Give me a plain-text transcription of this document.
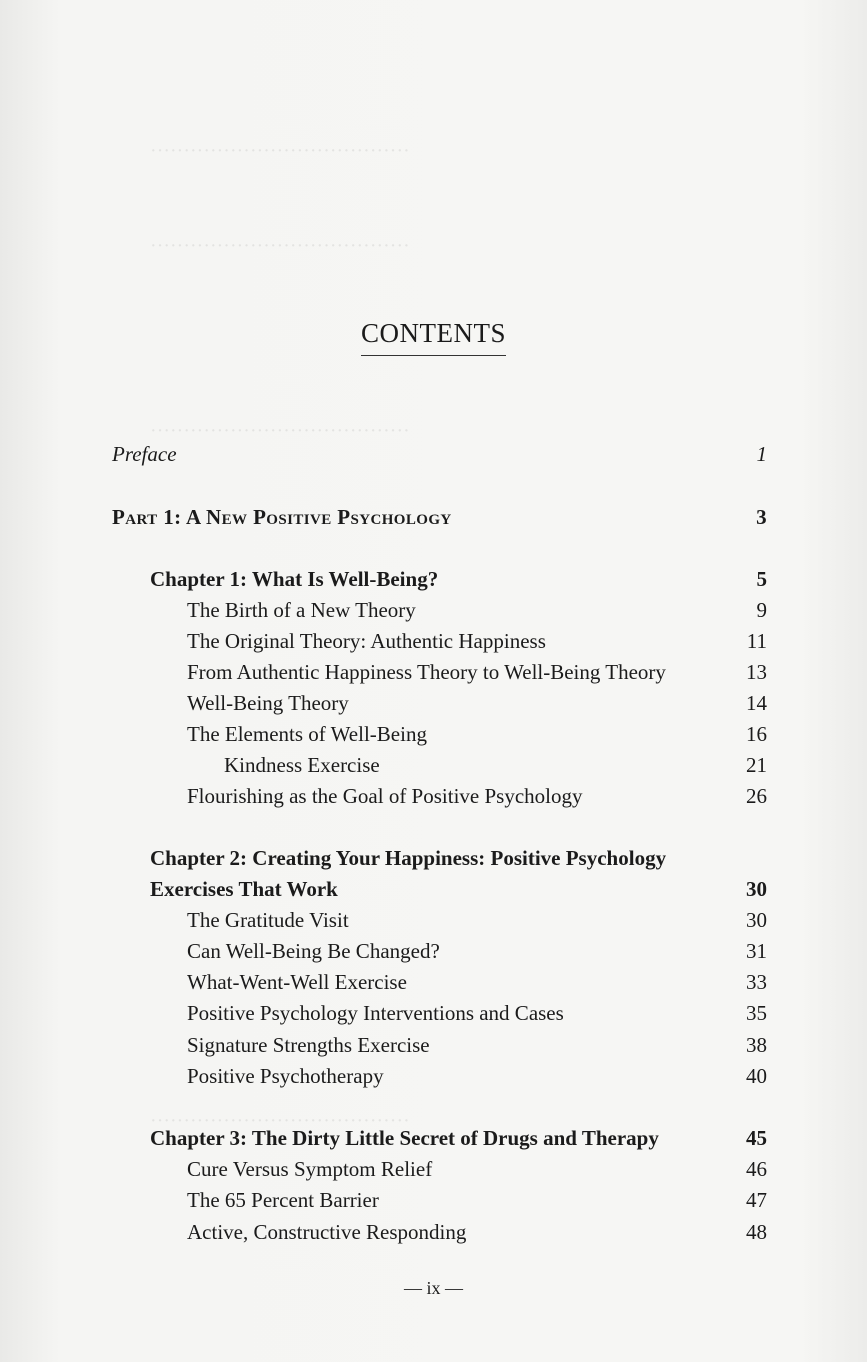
·······································
·······································
·······································
·······································
CONTENTS
Preface	1
Part 1: A New Positive Psychology	3
Chapter 1: What Is Well-Being?	5
The Birth of a New Theory	9
The Original Theory: Authentic Happiness	11
From Authentic Happiness Theory to Well-Being Theory	13
Well-Being Theory	14
The Elements of Well-Being	16
Kindness Exercise	21
Flourishing as the Goal of Positive Psychology	26
Chapter 2: Creating Your Happiness: Positive Psychology
Exercises That Work	30
The Gratitude Visit	30
Can Well-Being Be Changed?	31
What-Went-Well Exercise	33
Positive Psychology Interventions and Cases	35
Signature Strengths Exercise	38
Positive Psychotherapy	40
Chapter 3: The Dirty Little Secret of Drugs and Therapy	45
Cure Versus Symptom Relief	46
The 65 Percent Barrier	47
Active, Constructive Responding	48
— ix —
